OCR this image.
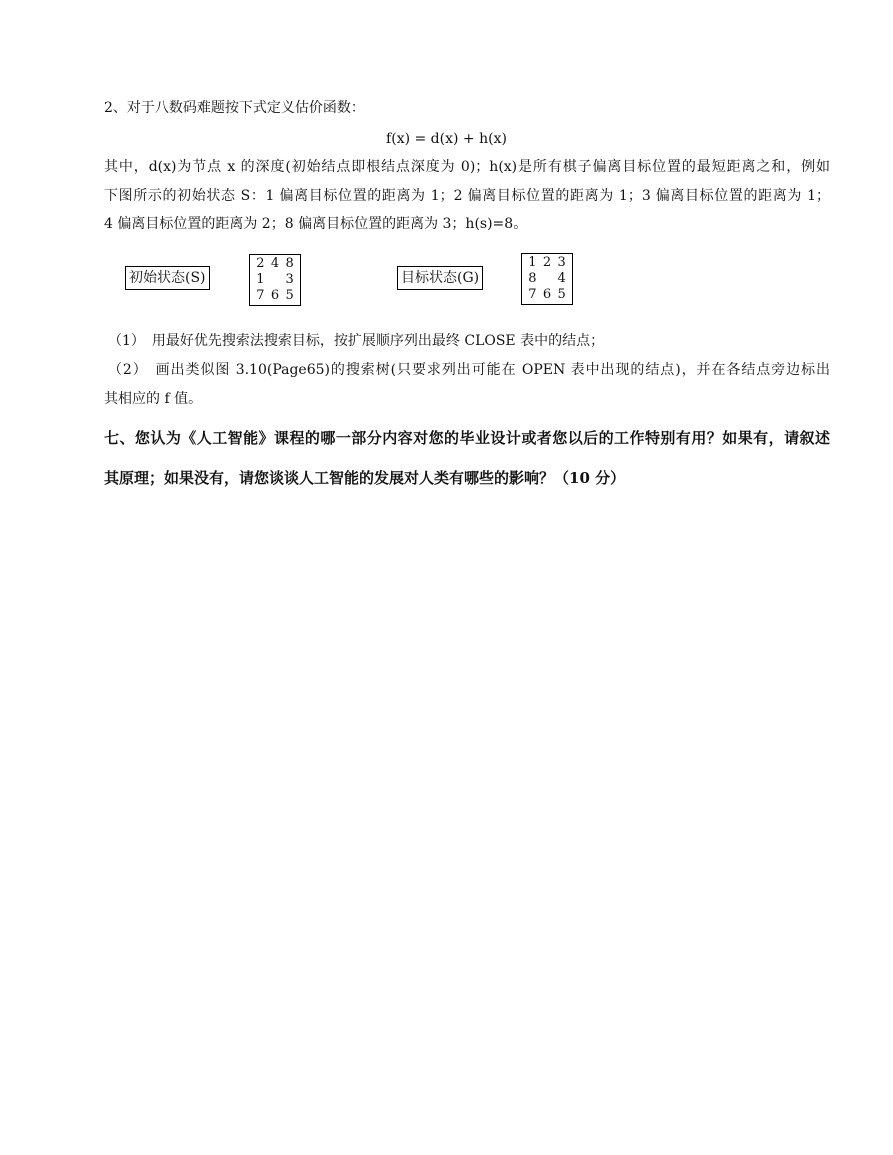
2、对于八数码难题按下式定义估价函数：
f(x) = d(x) + h(x)
其中，d(x)为节点 x 的深度(初始结点即根结点深度为 0)；h(x)是所有棋子偏离目标位置的最短距离之和，例如
下图所示的初始状态 S：1 偏离目标位置的距离为 1；2 偏离目标位置的距离为 1；3 偏离目标位置的距离为 1；
4 偏离目标位置的距离为 2；8 偏离目标位置的距离为 3；h(s)=8。
初始状态(S)
2 4 8
1 3
7 6 5
目标状态(G)
1 2 3
8 4
7 6 5
（1）　用最好优先搜索法搜索目标，按扩展顺序列出最终 CLOSE 表中的结点；
（2）　画出类似图 3.10(Page65)的搜索树(只要求列出可能在 OPEN 表中出现的结点)，并在各结点旁边标出
其相应的 f 值。
七、您认为《人工智能》课程的哪一部分内容对您的毕业设计或者您以后的工作特别有用？如果有，请叙述
其原理；如果没有，请您谈谈人工智能的发展对人类有哪些的影响？（10 分）
